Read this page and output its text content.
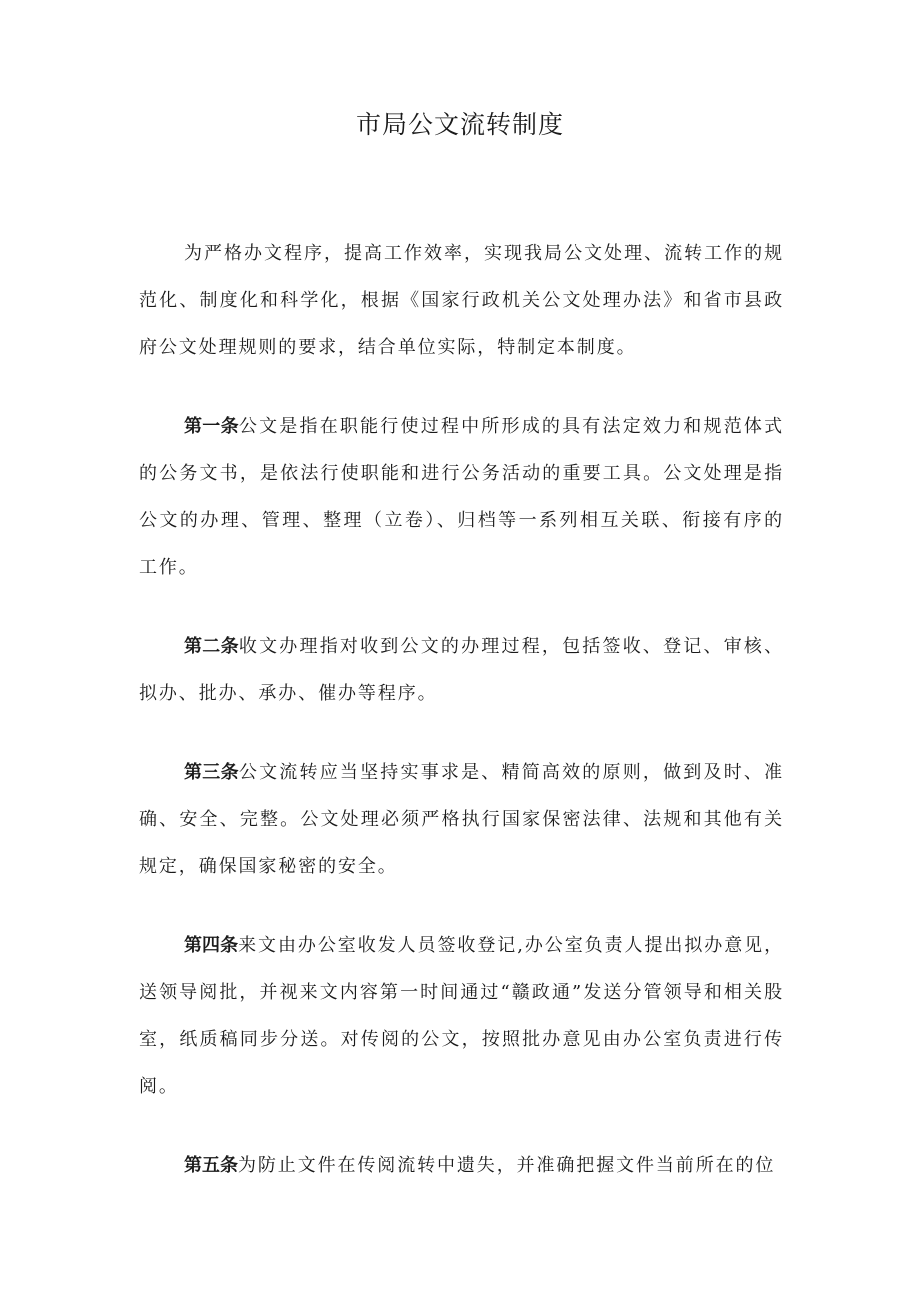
市局公文流转制度

为严格办文程序，提高工作效率，实现我局公文处理、流转工作的规范化、制度化和科学化，根据《国家行政机关公文处理办法》和省市县政府公文处理规则的要求，结合单位实际，特制定本制度。

第一条公文是指在职能行使过程中所形成的具有法定效力和规范体式的公务文书，是依法行使职能和进行公务活动的重要工具。公文处理是指公文的办理、管理、整理（立卷）、归档等一系列相互关联、衔接有序的工作。

第二条收文办理指对收到公文的办理过程，包括签收、登记、审核、拟办、批办、承办、催办等程序。

第三条公文流转应当坚持实事求是、精简高效的原则，做到及时、准确、安全、完整。公文处理必须严格执行国家保密法律、法规和其他有关规定，确保国家秘密的安全。

第四条来文由办公室收发人员签收登记,办公室负责人提出拟办意见，送领导阅批，并视来文内容第一时间通过“赣政通”发送分管领导和相关股室，纸质稿同步分送。对传阅的公文，按照批办意见由办公室负责进行传阅。

第五条为防止文件在传阅流转中遗失，并准确把握文件当前所在的位
